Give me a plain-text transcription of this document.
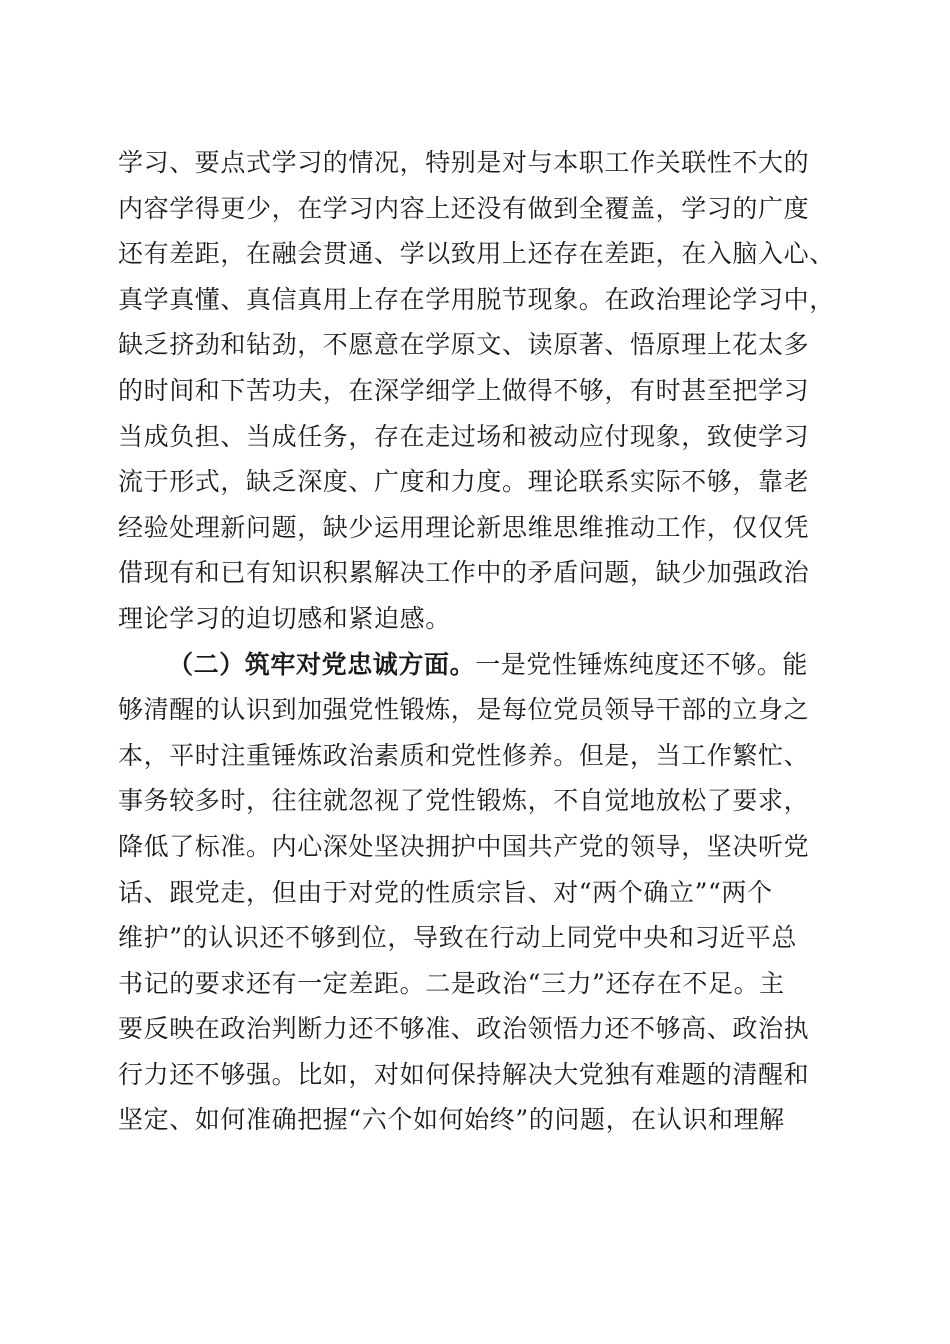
学习、要点式学习的情况，特别是对与本职工作关联性不大的
内容学得更少，在学习内容上还没有做到全覆盖，学习的广度
还有差距，在融会贯通、学以致用上还存在差距，在入脑入心、
真学真懂、真信真用上存在学用脱节现象。在政治理论学习中，
缺乏挤劲和钻劲，不愿意在学原文、读原著、悟原理上花太多
的时间和下苦功夫，在深学细学上做得不够，有时甚至把学习
当成负担、当成任务，存在走过场和被动应付现象，致使学习
流于形式，缺乏深度、广度和力度。理论联系实际不够，靠老
经验处理新问题，缺少运用理论新思维思维推动工作，仅仅凭
借现有和已有知识积累解决工作中的矛盾问题，缺少加强政治
理论学习的迫切感和紧迫感。
（二）筑牢对党忠诚方面。一是党性锤炼纯度还不够。能
够清醒的认识到加强党性锻炼，是每位党员领导干部的立身之
本，平时注重锤炼政治素质和党性修养。但是，当工作繁忙、
事务较多时，往往就忽视了党性锻炼，不自觉地放松了要求，
降低了标准。内心深处坚决拥护中国共产党的领导，坚决听党
话、跟党走，但由于对党的性质宗旨、对“两个确立”“两个
维护”的认识还不够到位，导致在行动上同党中央和习近平总
书记的要求还有一定差距。二是政治“三力”还存在不足。主
要反映在政治判断力还不够准、政治领悟力还不够高、政治执
行力还不够强。比如，对如何保持解决大党独有难题的清醒和
坚定、如何准确把握“六个如何始终”的问题，在认识和理解
